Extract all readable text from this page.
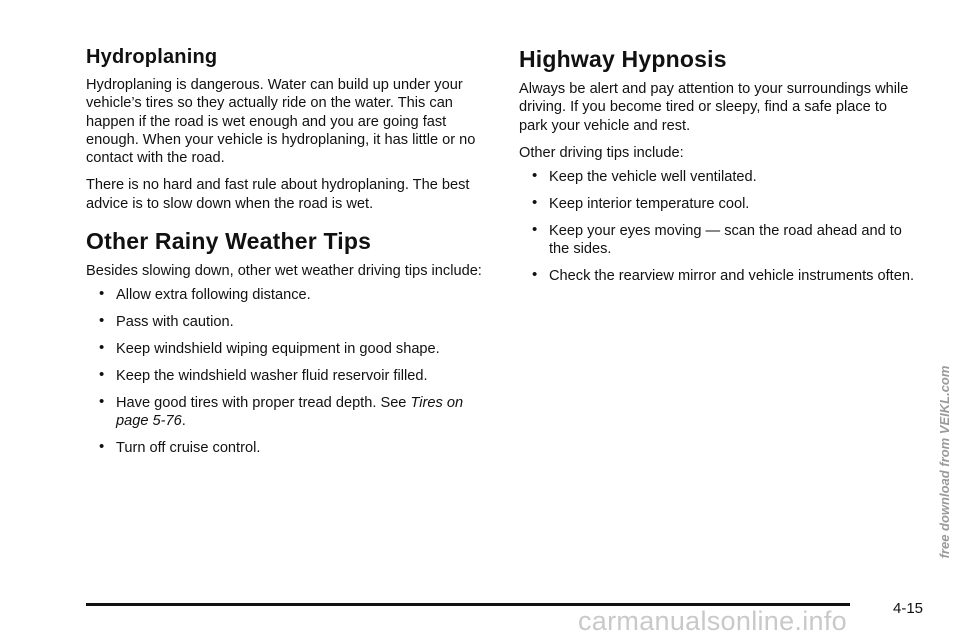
Hydroplaning

Hydroplaning is dangerous. Water can build up under your vehicle’s tires so they actually ride on the water. This can happen if the road is wet enough and you are going fast enough. When your vehicle is hydroplaning, it has little or no contact with the road.

There is no hard and fast rule about hydroplaning. The best advice is to slow down when the road is wet.

Other Rainy Weather Tips

Besides slowing down, other wet weather driving tips include:

• Allow extra following distance.
• Pass with caution.
• Keep windshield wiping equipment in good shape.
• Keep the windshield washer fluid reservoir filled.
• Have good tires with proper tread depth. See Tires on page 5-76.
• Turn off cruise control.
Highway Hypnosis

Always be alert and pay attention to your surroundings while driving. If you become tired or sleepy, find a safe place to park your vehicle and rest.

Other driving tips include:

• Keep the vehicle well ventilated.
• Keep interior temperature cool.
• Keep your eyes moving — scan the road ahead and to the sides.
• Check the rearview mirror and vehicle instruments often.
free download from VEIKL.com
carmanualsonline.info	4-15
